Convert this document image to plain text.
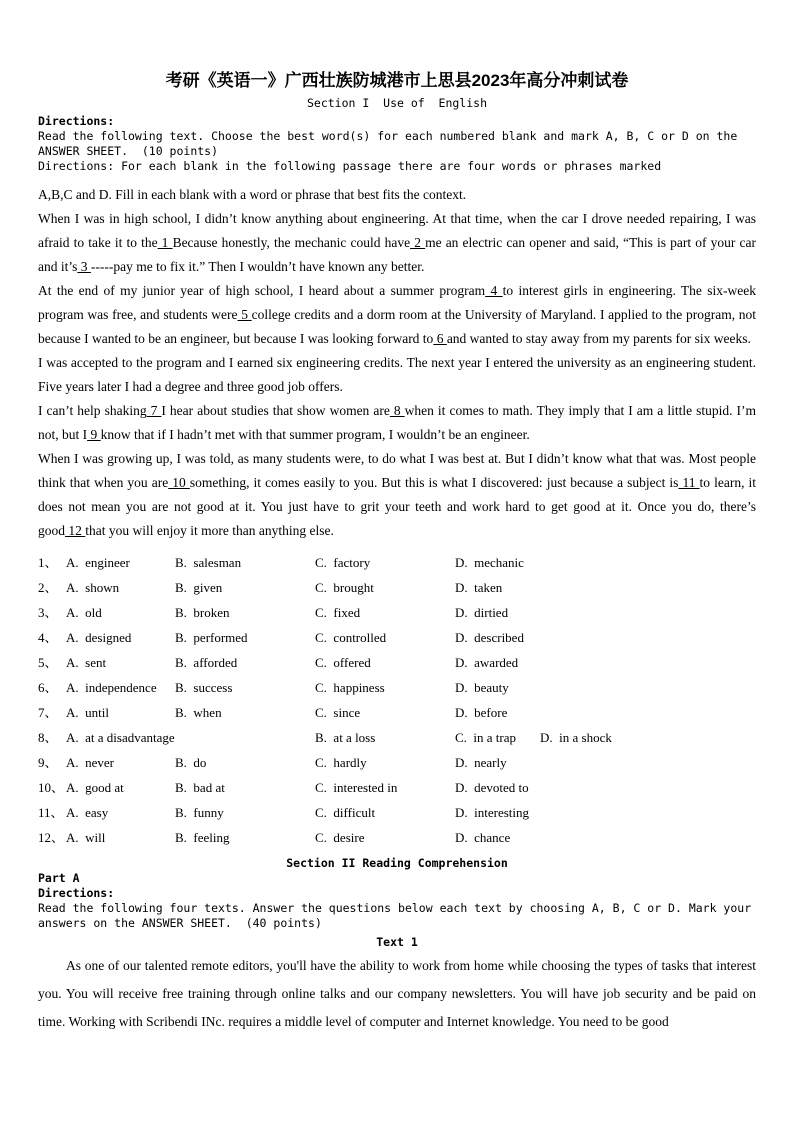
考研《英语一》广西壮族防城港市上思县2023年高分冲刺试卷
Section I  Use of  English
Directions:
Read the following text. Choose the best word(s) for each numbered blank and mark A, B, C or D on the ANSWER SHEET.  (10 points)
Directions: For each blank in the following passage there are four words or phrases marked

A,B,C and D. Fill in each blank with a word or phrase that best fits the context.

When I was in high school, I didn’t know anything about engineering. At that time, when the car I drove needed repairing, I was afraid to take it to the 1 Because honestly, the mechanic could have 2 me an electric can opener and said, “This is part of your car and it’s 3 -----pay me to fix it.” Then I wouldn’t have known any better.

At the end of my junior year of high school, I heard about a summer program 4 to interest girls in engineering. The six-week program was free, and students were 5 college credits and a dorm room at the University of Maryland. I applied to the program, not because I wanted to be an engineer, but because I was looking forward to 6 and wanted to stay away from my parents for six weeks.

I was accepted to the program and I earned six engineering credits. The next year I entered the university as an engineering student. Five years later I had a degree and three good job offers.

I can’t help shaking 7 I hear about studies that show women are 8 when it comes to math. They imply that I am a little stupid. I’m not, but I 9 know that if I hadn’t met with that summer program, I wouldn’t be an engineer.

When I was growing up, I was told, as many students were, to do what I was best at. But I didn’t know what that was. Most people think that when you are 10 something, it comes easily to you. But this is what I discovered: just because a subject is 11 to learn, it does not mean you are not good at it. You just have to grit your teeth and work hard to get good at it. Once you do, there’s good 12 that you will enjoy it more than anything else.

1、 A.  engineer	B.  salesman	C.  factory	D.  mechanic
2、 A.  shown	B.  given	C.  brought	D.  taken
3、 A.  old	B.  broken	C.  fixed	D.  dirtied
4、 A.  designed	B.  performed	C.  controlled	D.  described
5、 A.  sent	B.  afforded	C.  offered	D.  awarded
6、 A.  independence	B.  success	C.  happiness	D.  beauty
7、 A.  until	B.  when	C.  since	D.  before
8、 A.  at a disadvantage	B.  at a loss	C.  in a trap	D.  in a shock
9、 A.  never	B.  do	C.  hardly	D.  nearly
10、 A.  good at	B.  bad at	C.  interested in	D.  devoted to
11、 A.  easy	B.  funny	C.  difficult	D.  interesting
12、 A.  will	B.  feeling	C.  desire	D.  chance
Section II Reading Comprehension
Part A
Directions:
Read the following four texts. Answer the questions below each text by choosing A, B, C or D. Mark your answers on the ANSWER SHEET.  (40 points)
Text 1

As one of our talented remote editors, you'll have the ability to work from home while choosing the types of tasks that interest you. You will receive free training through online talks and our company newsletters. You will have job security and be paid on time. Working with Scribendi INc. requires a middle level of computer and Internet knowledge. You need to be good
